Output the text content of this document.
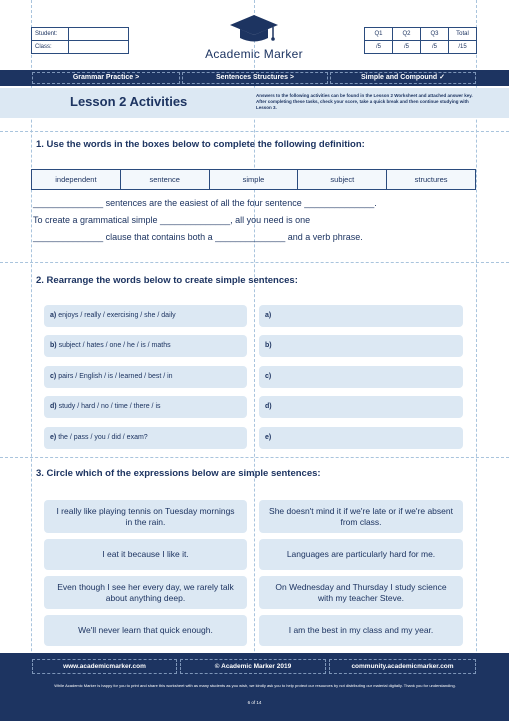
Student:	
Class:		Academic Marker
Q1	Q2	Q3	Total
/5	/5	/5	/15
Grammar Practice >	Sentences Structures >	Simple and Compound ✓
Lesson 2 Activities	Answers to the following activities can be found in the Lesson 2 Worksheet and attached answer key. After completing these tasks, check your score, take a quick break and then continue studying with Lesson 3.
1. Use the words in the boxes below to complete the following definition:
independent	sentence	simple	subject	structures
______________ sentences are the easiest of all the four sentence ______________.
To create a grammatical simple ______________, all you need is one
______________ clause that contains both a ______________ and a verb phrase.
2. Rearrange the words below to create simple sentences:
a) enjoys / really / exercising / she / daily	a)
b) subject / hates / one / he / is / maths	b)
c) pairs / English / is / learned / best / in	c)
d) study / hard / no / time / there / is	d)
e) the / pass / you / did / exam?	e)
3. Circle which of the expressions below are simple sentences:
I really like playing tennis on Tuesday mornings in the rain.
She doesn't mind it if we're late or if we're absent from class.
I eat it because I like it.	Languages are particularly hard for me.
Even though I see her every day, we rarely talk about anything deep.
On Wednesday and Thursday I study science with my teacher Steve.
We'll never learn that quick enough.	I am the best in my class and my year.
www.academicmarker.com	© Academic Marker 2019	community.academicmarker.com
While Academic Marker is happy for you to print and share this worksheet with as many students as you wish, we kindly ask you to help protect our resources by not distributing our material digitally. Thank you for understanding.
6 of 14
